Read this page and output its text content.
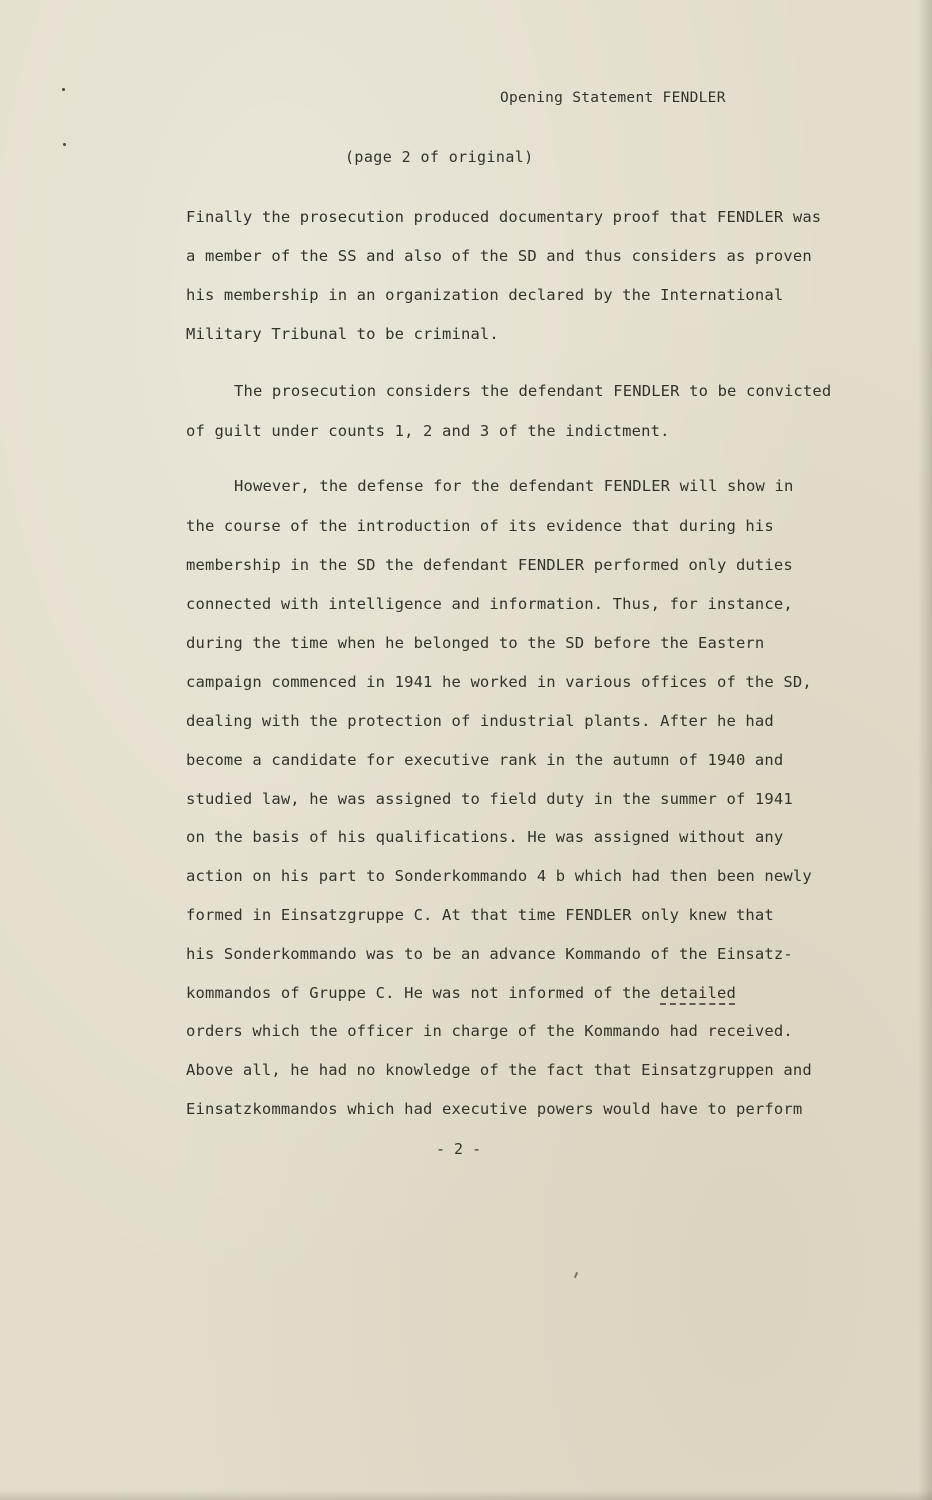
Opening Statement FENDLER
(page 2 of original)
Finally the prosecution produced documentary proof that FENDLER was
a member of the SS and also of the SD and thus considers as proven
his membership in an organization declared by the International
Military Tribunal to be criminal.
The prosecution considers the defendant FENDLER to be convicted
of guilt under counts 1, 2 and 3 of the indictment.
However, the defense for the defendant FENDLER will show in
the course of the introduction of its evidence that during his
membership in the SD the defendant FENDLER performed only duties
connected with intelligence and information. Thus, for instance,
during the time when he belonged to the SD before the Eastern
campaign commenced in 1941 he worked in various offices of the SD,
dealing with the protection of industrial plants. After he had
become a candidate for executive rank in the autumn of 1940 and
studied law, he was assigned to field duty in the summer of 1941
on the basis of his qualifications. He was assigned without any
action on his part to Sonderkommando 4 b which had then been newly
formed in Einsatzgruppe C. At that time FENDLER only knew that
his Sonderkommando was to be an advance Kommando of the Einsatz-
kommandos of Gruppe C. He was not informed of the detailed
orders which the officer in charge of the Kommando had received.
Above all, he had no knowledge of the fact that Einsatzgruppen and
Einsatzkommandos which had executive powers would have to perform
- 2 -
